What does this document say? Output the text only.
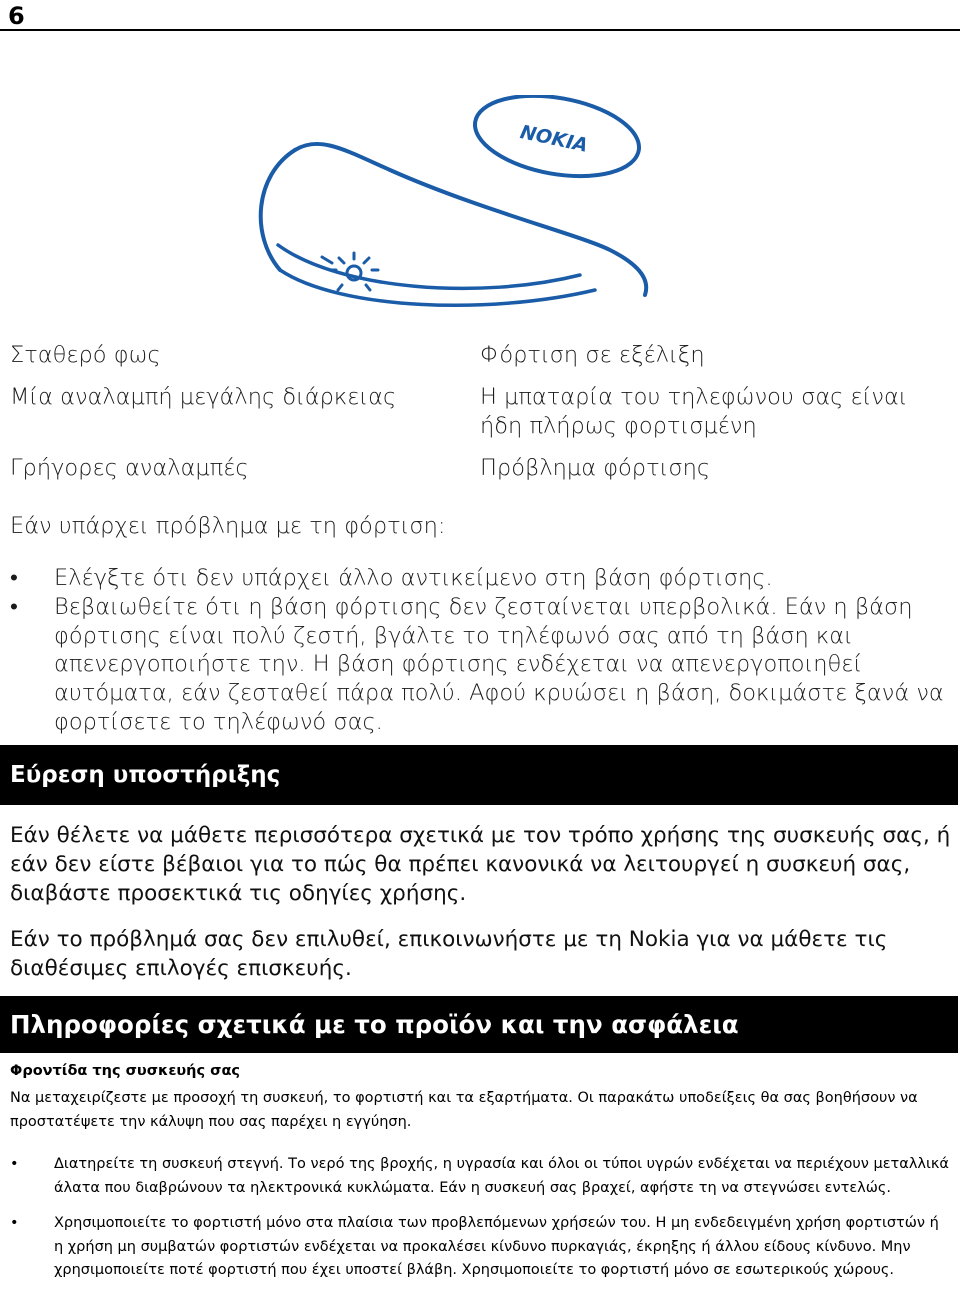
6
NOKIA
Σταθερό φως	Φόρτιση σε εξέλιξη
Μία αναλαμπή μεγάλης διάρκειας	Η μπαταρία του τηλεφώνου σας είναι ήδη πλήρως φορτισμένη
Γρήγορες αναλαμπές	Πρόβλημα φόρτισης
Εάν υπάρχει πρόβλημα με τη φόρτιση:
• Ελέγξτε ότι δεν υπάρχει άλλο αντικείμενο στη βάση φόρτισης.
• Βεβαιωθείτε ότι η βάση φόρτισης δεν ζεσταίνεται υπερβολικά. Εάν η βάση φόρτισης είναι πολύ ζεστή, βγάλτε το τηλέφωνό σας από τη βάση και απενεργοποιήστε την. Η βάση φόρτισης ενδέχεται να απενεργοποιηθεί αυτόματα, εάν ζεσταθεί πάρα πολύ. Αφού κρυώσει η βάση, δοκιμάστε ξανά να φορτίσετε το τηλέφωνό σας.
Εύρεση υποστήριξης
Εάν θέλετε να μάθετε περισσότερα σχετικά με τον τρόπο χρήσης της συσκευής σας, ή εάν δεν είστε βέβαιοι για το πώς θα πρέπει κανονικά να λειτουργεί η συσκευή σας, διαβάστε προσεκτικά τις οδηγίες χρήσης.
Εάν το πρόβλημά σας δεν επιλυθεί, επικοινωνήστε με τη Nokia για να μάθετε τις διαθέσιμες επιλογές επισκευής.
Πληροφορίες σχετικά με το προϊόν και την ασφάλεια
Φροντίδα της συσκευής σας
Να μεταχειρίζεστε με προσοχή τη συσκευή, το φορτιστή και τα εξαρτήματα. Οι παρακάτω υποδείξεις θα σας βοηθήσουν να προστατέψετε την κάλυψη που σας παρέχει η εγγύηση.
• Διατηρείτε τη συσκευή στεγνή. Το νερό της βροχής, η υγρασία και όλοι οι τύποι υγρών ενδέχεται να περιέχουν μεταλλικά άλατα που διαβρώνουν τα ηλεκτρονικά κυκλώματα. Εάν η συσκευή σας βραχεί, αφήστε τη να στεγνώσει εντελώς.
• Χρησιμοποιείτε το φορτιστή μόνο στα πλαίσια των προβλεπόμενων χρήσεών του. Η μη ενδεδειγμένη χρήση φορτιστών ή η χρήση μη συμβατών φορτιστών ενδέχεται να προκαλέσει κίνδυνο πυρκαγιάς, έκρηξης ή άλλου είδους κίνδυνο. Μην χρησιμοποιείτε ποτέ φορτιστή που έχει υποστεί βλάβη. Χρησιμοποιείτε το φορτιστή μόνο σε εσωτερικούς χώρους.
